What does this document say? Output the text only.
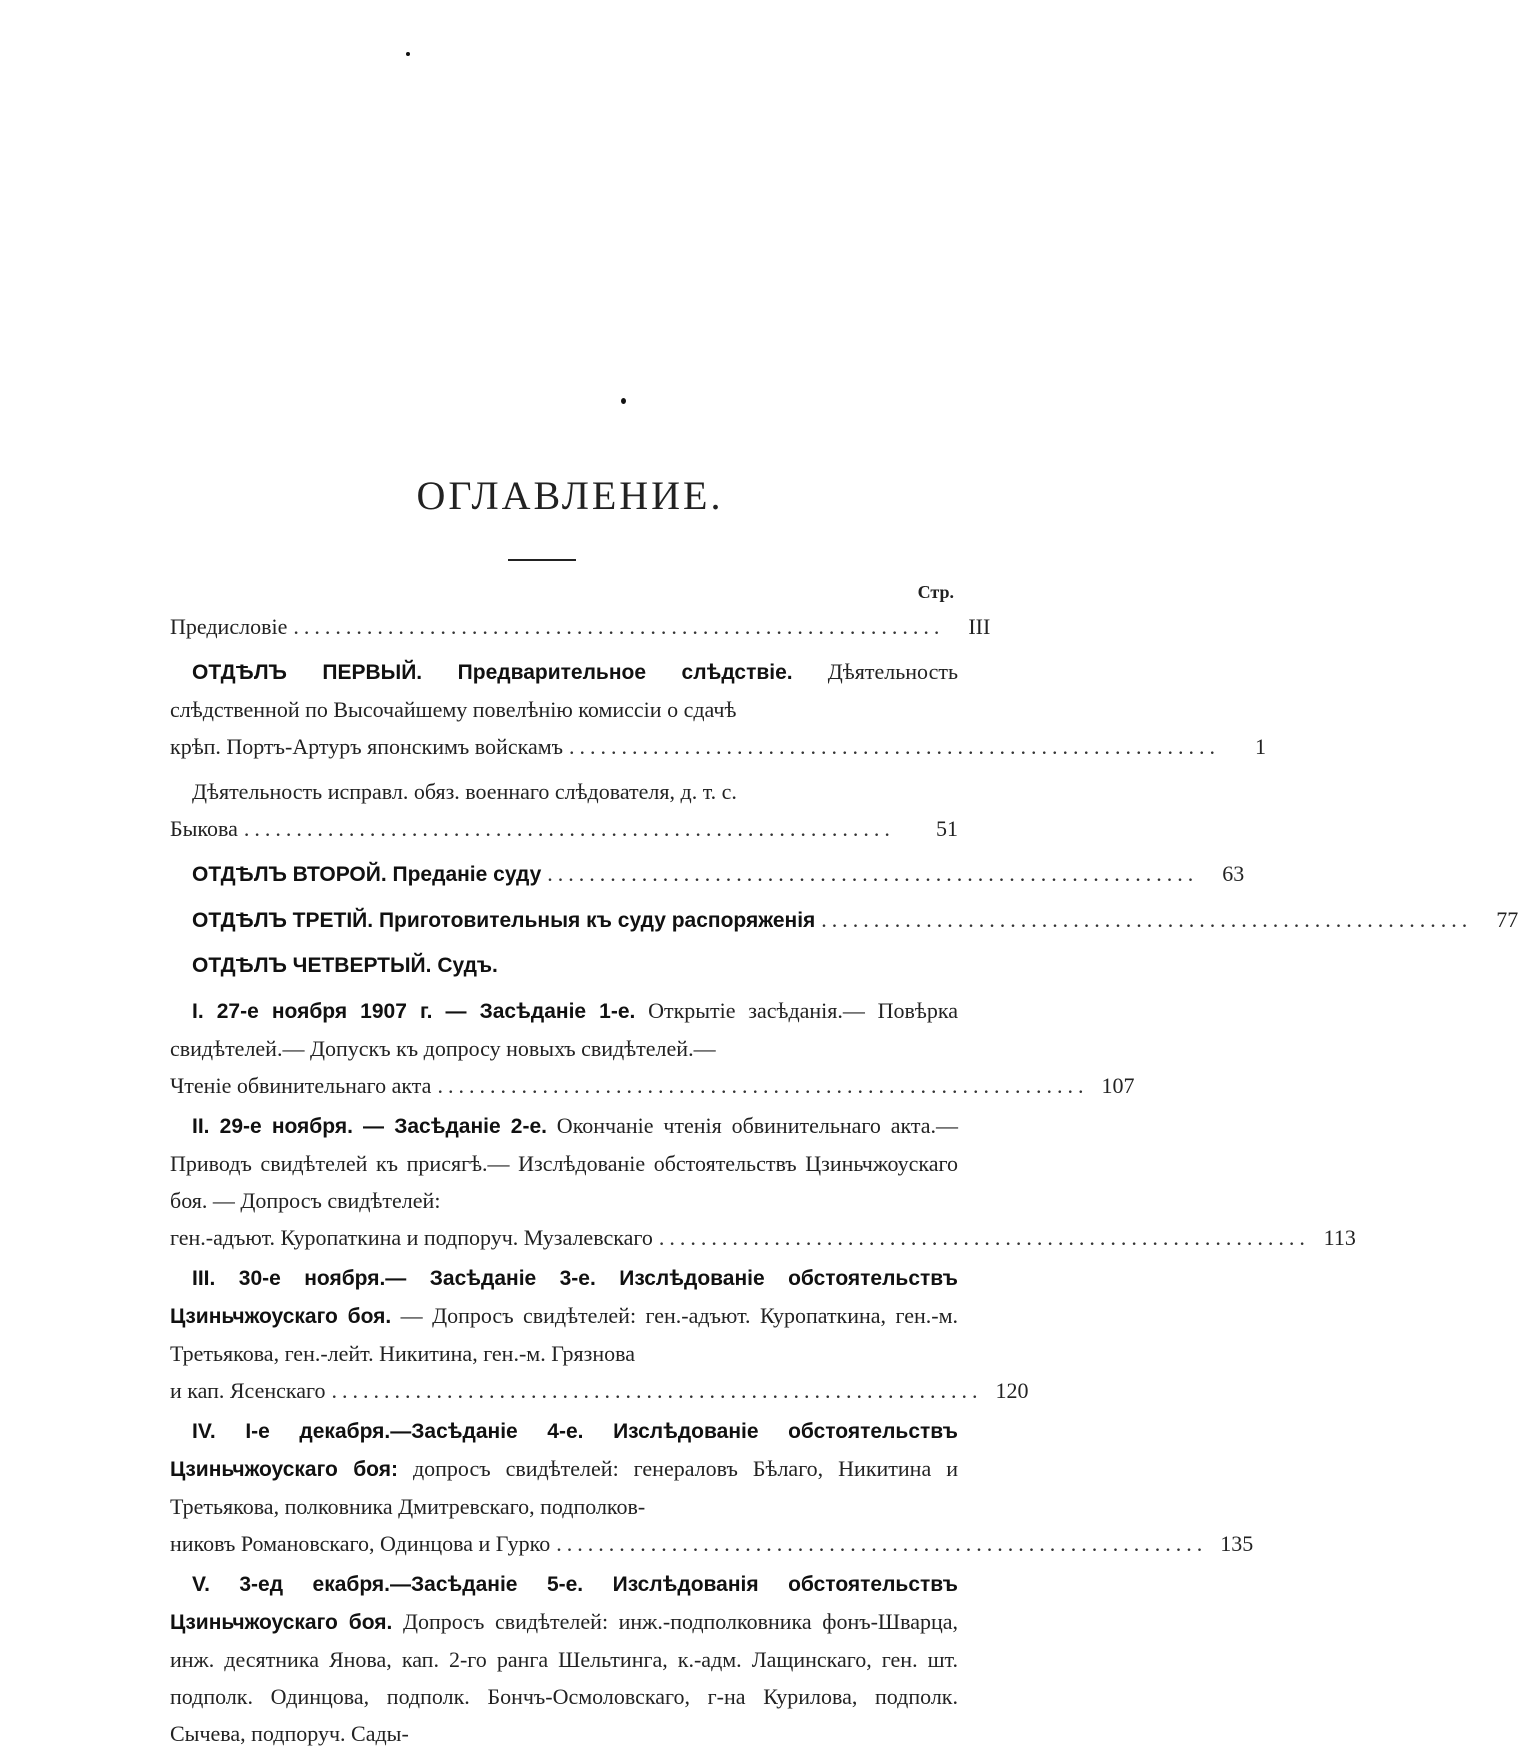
ОГЛАВЛЕНИЕ.
Стр.
Предисловіе ..............................................................	III
ОТДѢЛЪ ПЕРВЫЙ. Предварительное слѣдствіе. Дѣятельность слѣдственной по Высочайшему повелѣнію комиссіи о сдачѣ
крѣп. Портъ-Артуръ японскимъ войскамъ ..............................................................	1
Дѣятельность исправл. обяз. военнаго слѣдователя, д. т. с.
Быкова ..............................................................	51
ОТДѢЛЪ ВТОРОЙ. Преданіе суду ..............................................................	63
ОТДѢЛЪ ТРЕТІЙ. Приготовительныя къ суду распоряженія ..............................................................	77
ОТДѢЛЪ ЧЕТВЕРТЫЙ. Судъ.
I. 27-е ноября 1907 г. — Засѣданіе 1-е. Открытіе засѣданія.— Повѣрка свидѣтелей.— Допускъ къ допросу новыхъ свидѣтелей.—
Чтеніе обвинительнаго акта .............................................................. 107
II. 29-е ноября. — Засѣданіе 2-е. Окончаніе чтенія обвинительнаго акта.— Приводъ свидѣтелей къ присягѣ.— Изслѣдованіе обстоятельствъ Цзиньчжоускаго боя. — Допросъ свидѣтелей:
ген.-адъют. Куропаткина и подпоруч. Музалевскаго .............................................................. 113
III. 30-е ноября.— Засѣданіе 3-е. Изслѣдованіе обстоятельствъ Цзиньчжоускаго боя. — Допросъ свидѣтелей: ген.-адъют. Куропаткина, ген.-м. Третьякова, ген.-лейт. Никитина, ген.-м. Грязнова
и кап. Ясенскаго .............................................................. 120
IV. I-е декабря.—Засѣданіе 4-е. Изслѣдованіе обстоятельствъ Цзиньчжоускаго боя: допросъ свидѣтелей: генераловъ Бѣлаго, Никитина и Третьякова, полковника Дмитревскаго, подполков-
никовъ Романовскаго, Одинцова и Гурко .............................................................. 135
V. 3-ед екабря.—Засѣданіе 5-е. Изслѣдованія обстоятельствъ Цзиньчжоускаго боя. Допросъ свидѣтелей: инж.-подполковника фонъ-Шварца, инж. десятника Янова, кап. 2-го ранга Шельтинга, к.-адм. Лащинскаго, ген. шт. подполк. Одинцова, подполк. Бончъ-Осмоловскаго, г-на Курилова, подполк. Сычева, подпоруч. Сады-
